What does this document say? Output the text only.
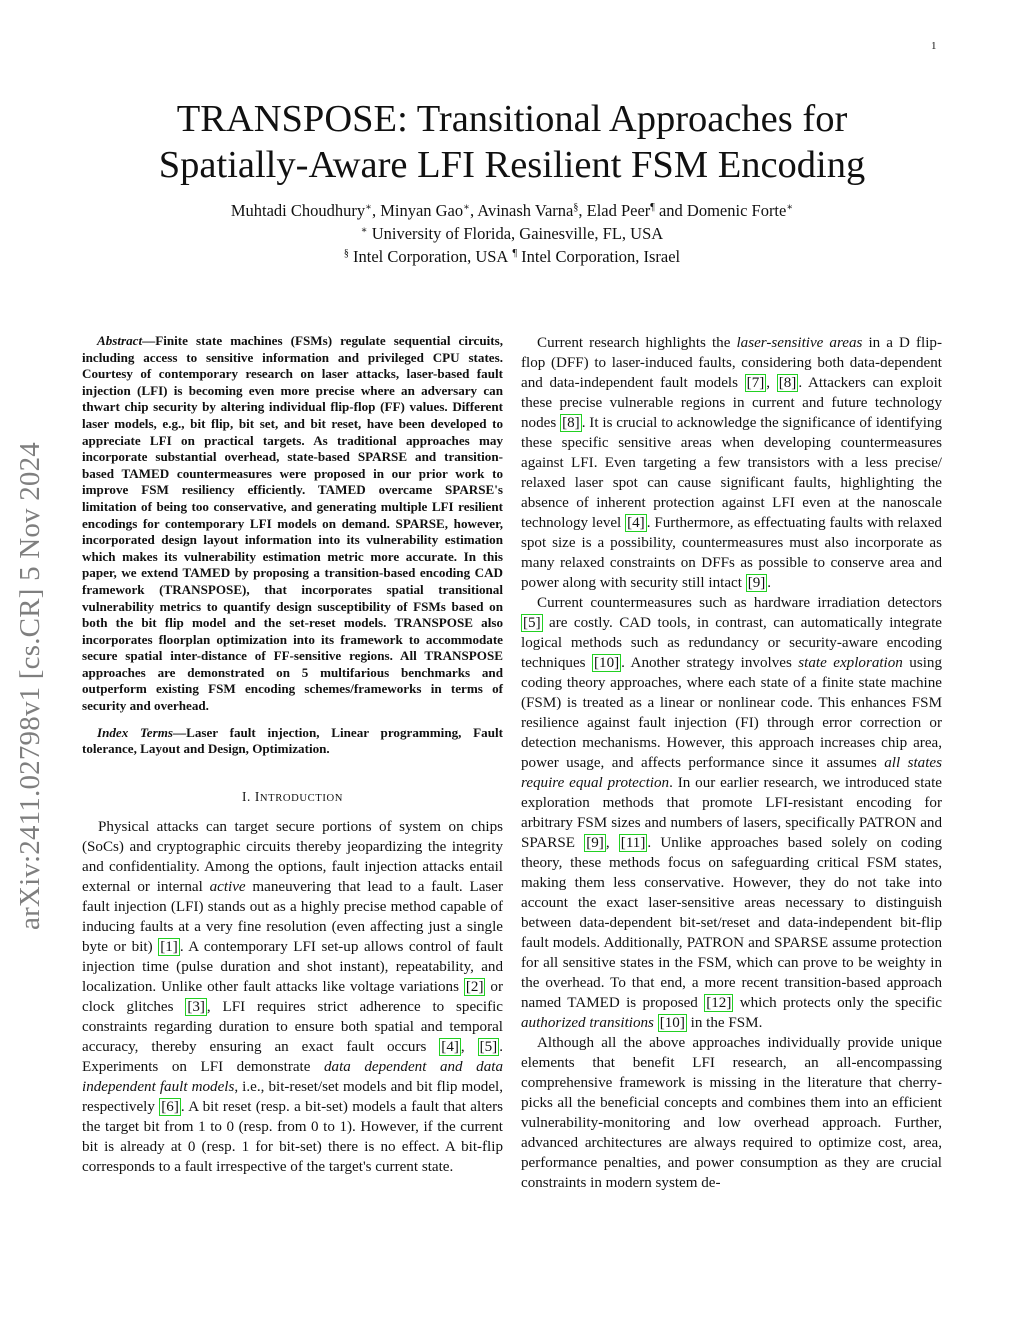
1
arXiv:2411.02798v1 [cs.CR] 5 Nov 2024
TRANSPOSE: Transitional Approaches for
Spatially-Aware LFI Resilient FSM Encoding
Muhtadi Choudhury∗, Minyan Gao∗, Avinash Varna§, Elad Peer¶ and Domenic Forte∗
∗ University of Florida, Gainesville, FL, USA
§ Intel Corporation, USA ¶ Intel Corporation, Israel

Abstract—Finite state machines (FSMs) regulate sequential circuits, including access to sensitive information and privileged CPU states. Courtesy of contemporary research on laser attacks, laser-based fault injection (LFI) is becoming even more precise where an adversary can thwart chip security by altering individual flip-flop (FF) values. Different laser models, e.g., bit flip, bit set, and bit reset, have been developed to appreciate LFI on practical targets. As traditional approaches may incorporate substantial overhead, state-based SPARSE and transition-based TAMED countermeasures were proposed in our prior work to improve FSM resiliency efficiently. TAMED overcame SPARSE's limitation of being too conservative, and generating multiple LFI resilient encodings for contemporary LFI models on demand. SPARSE, however, incorporated design layout information into its vulnerability estimation which makes its vulnerability estimation metric more accurate. In this paper, we extend TAMED by proposing a transition-based encoding CAD framework (TRANSPOSE), that incorporates spatial transitional vulnerability metrics to quantify design susceptibility of FSMs based on both the bit flip model and the set-reset models. TRANSPOSE also incorporates floorplan optimization into its framework to accommodate secure spatial inter-distance of FF-sensitive regions. All TRANSPOSE approaches are demonstrated on 5 multifarious benchmarks and outperform existing FSM encoding schemes/frameworks in terms of security and overhead.

Index Terms—Laser fault injection, Linear programming, Fault tolerance, Layout and Design, Optimization.

I. INTRODUCTION

Physical attacks can target secure portions of system on chips (SoCs) and cryptographic circuits thereby jeopardizing the integrity and confidentiality. Among the options, fault injection attacks entail external or internal active maneuvering that lead to a fault. Laser fault injection (LFI) stands out as a highly precise method capable of inducing faults at a very fine resolution (even affecting just a single byte or bit) [1] . A contemporary LFI set-up allows control of fault injection time (pulse duration and shot instant), repeatability, and localization. Unlike other fault attacks like voltage variations [2] or clock glitches [3] , LFI requires strict adherence to specific constraints regarding duration to ensure both spatial and temporal accuracy, thereby ensuring an exact fault occurs [4] , [5] . Experiments on LFI demonstrate data dependent and data independent fault models, i.e., bit-reset/set models and bit flip model, respectively [6] . A bit reset (resp. a bit-set) models a fault that alters the target bit from 1 to 0 (resp. from 0 to 1). However, if the current bit is already at 0 (resp. 1 for bit-set) there is no effect. A bit-flip corresponds to a fault irrespective of the target's current state.

Current research highlights the laser-sensitive areas in a D flip-flop (DFF) to laser-induced faults, considering both data-dependent and data-independent fault models [7] , [8] . Attackers can exploit these precise vulnerable regions in current and future technology nodes [8] . It is crucial to acknowledge the significance of identifying these specific sensitive areas when developing countermeasures against LFI. Even targeting a few transistors with a less precise/ relaxed laser spot can cause significant faults, highlighting the absence of inherent protection against LFI even at the nanoscale technology level [4] . Furthermore, as effectuating faults with relaxed spot size is a possibility, countermeasures must also incorporate as many relaxed constraints on DFFs as possible to conserve area and power along with security still intact [9] .

Current countermeasures such as hardware irradiation detectors [5] are costly. CAD tools, in contrast, can automatically integrate logical methods such as redundancy or security-aware encoding techniques [10] . Another strategy involves state exploration using coding theory approaches, where each state of a finite state machine (FSM) is treated as a linear or nonlinear code. This enhances FSM resilience against fault injection (FI) through error correction or detection mechanisms. However, this approach increases chip area, power usage, and affects performance since it assumes all states require equal protection. In our earlier research, we introduced state exploration methods that promote LFI-resistant encoding for arbitrary FSM sizes and numbers of lasers, specifically PATRON and SPARSE [9] , [11] . Unlike approaches based solely on coding theory, these methods focus on safeguarding critical FSM states, making them less conservative. However, they do not take into account the exact laser-sensitive areas necessary to distinguish between data-dependent bit-set/reset and data-independent bit-flip fault models. Additionally, PATRON and SPARSE assume protection for all sensitive states in the FSM, which can prove to be weighty in the overhead. To that end, a more recent transition-based approach named TAMED is proposed [12] which protects only the specific authorized transitions [10] in the FSM.

Although all the above approaches individually provide unique elements that benefit LFI research, an all-encompassing comprehensive framework is missing in the literature that cherry-picks all the beneficial concepts and combines them into an efficient vulnerability-monitoring and low overhead approach. Further, advanced architectures are always required to optimize cost, area, performance penalties, and power consumption as they are crucial constraints in modern system de-
